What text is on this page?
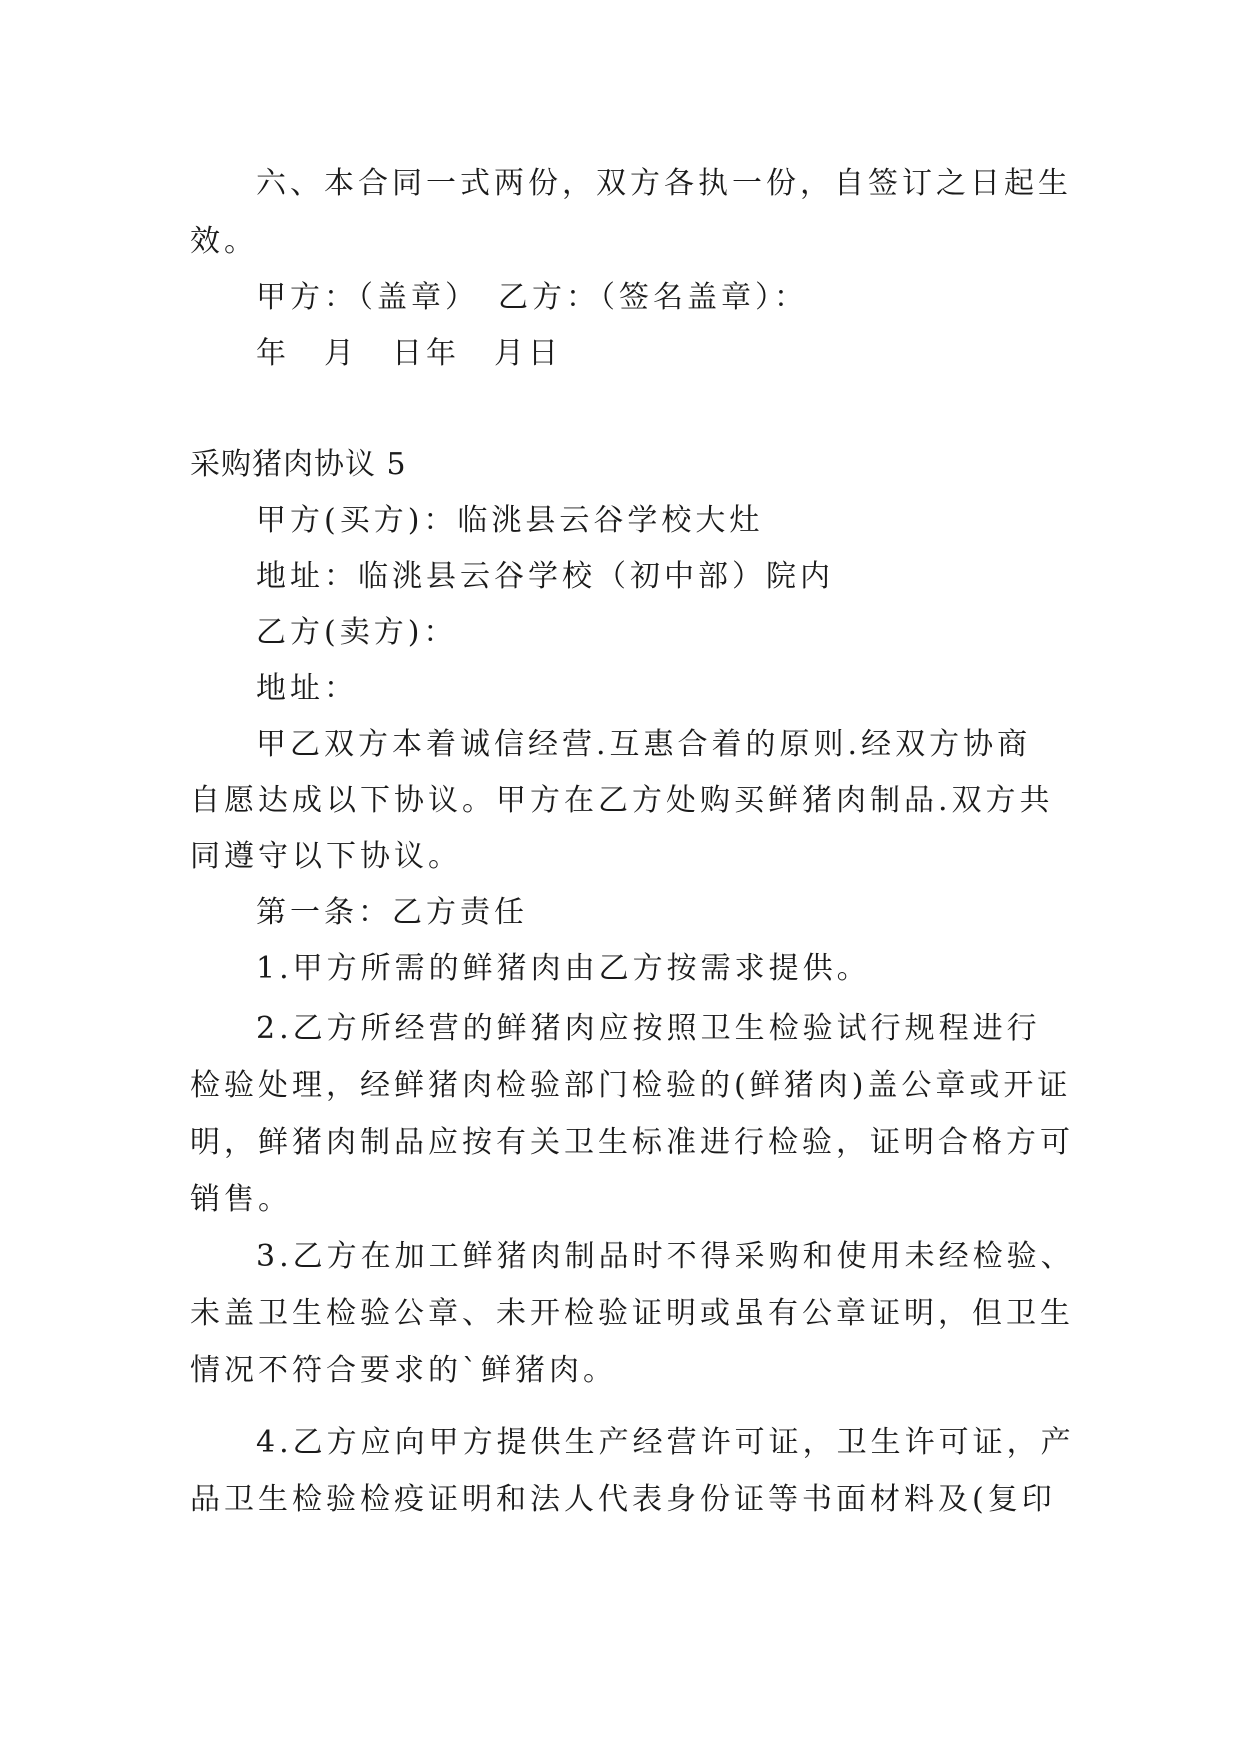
六、本合同一式两份，双方各执一份，自签订之日起生
效。
甲方：（盖章）　乙方：（签名盖章）：
年　月　日年　月日
采购猪肉协议 5
甲方(买方)：临洮县云谷学校大灶
地址：临洮县云谷学校（初中部）院内
乙方(卖方)：
地址：
甲乙双方本着诚信经营.互惠合着的原则.经双方协商
自愿达成以下协议。甲方在乙方处购买鲜猪肉制品.双方共
同遵守以下协议。
第一条：乙方责任
1.甲方所需的鲜猪肉由乙方按需求提供。
2.乙方所经营的鲜猪肉应按照卫生检验试行规程进行
检验处理，经鲜猪肉检验部门检验的(鲜猪肉)盖公章或开证
明，鲜猪肉制品应按有关卫生标准进行检验，证明合格方可
销售。
3.乙方在加工鲜猪肉制品时不得采购和使用未经检验、
未盖卫生检验公章、未开检验证明或虽有公章证明，但卫生
情况不符合要求的`鲜猪肉。
4.乙方应向甲方提供生产经营许可证，卫生许可证，产
品卫生检验检疫证明和法人代表身份证等书面材料及(复印
